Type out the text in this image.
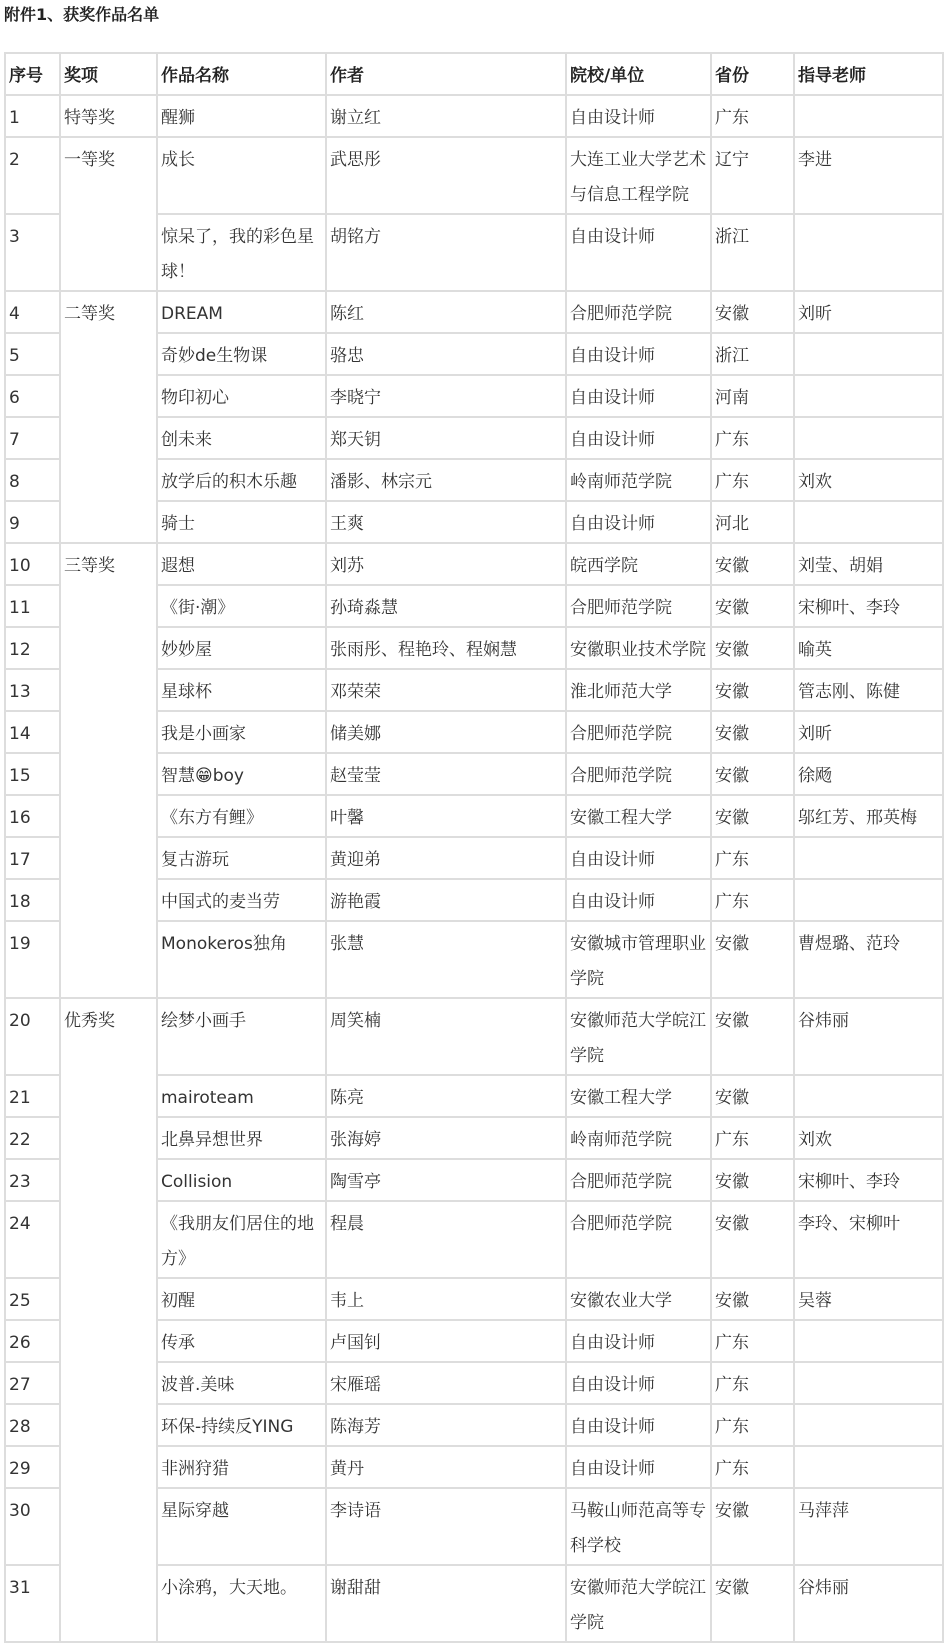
附件1、获奖作品名单
序号	奖项	作品名称	作者	院校/单位	省份	指导老师
1	特等奖	醒狮	谢立红	自由设计师	广东	
2	一等奖	成长	武思彤	大连工业大学艺术与信息工程学院	辽宁	李进
3		惊呆了，我的彩色星球！	胡铭方	自由设计师	浙江	
4	二等奖	DREAM	陈红	合肥师范学院	安徽	刘昕
5		奇妙de生物课	骆忠	自由设计师	浙江	
6		物印初心	李晓宁	自由设计师	河南	
7		创未来	郑天钥	自由设计师	广东	
8		放学后的积木乐趣	潘影、林宗元	岭南师范学院	广东	刘欢
9		骑士	王爽	自由设计师	河北	
10	三等奖	遐想	刘苏	皖西学院	安徽	刘莹、胡娟
11		《街·潮》	孙琦淼慧	合肥师范学院	安徽	宋柳叶、李玲
12		妙妙屋	张雨彤、程艳玲、程娴慧	安徽职业技术学院	安徽	喻英
13		星球杯	邓荣荣	淮北师范大学	安徽	管志刚、陈健
14		我是小画家	储美娜	合肥师范学院	安徽	刘昕
15		智慧😁boy	赵莹莹	合肥师范学院	安徽	徐飏
16		《东方有鲤》	叶馨	安徽工程大学	安徽	邬红芳、邢英梅
17		复古游玩	黄迎弟	自由设计师	广东	
18		中国式的麦当劳	游艳霞	自由设计师	广东	
19		Monokeros独角	张慧	安徽城市管理职业学院	安徽	曹煜璐、范玲
20	优秀奖	绘梦小画手	周笑楠	安徽师范大学皖江学院	安徽	谷炜丽
21		mairoteam	陈亮	安徽工程大学	安徽	
22		北鼻异想世界	张海婷	岭南师范学院	广东	刘欢
23		Collision	陶雪亭	合肥师范学院	安徽	宋柳叶、李玲
24		《我朋友们居住的地方》	程晨	合肥师范学院	安徽	李玲、宋柳叶
25		初醒	韦上	安徽农业大学	安徽	吴蓉
26		传承	卢国钊	自由设计师	广东	
27		波普.美味	宋雁瑶	自由设计师	广东	
28		环保-持续反YING	陈海芳	自由设计师	广东	
29		非洲狩猎	黄丹	自由设计师	广东	
30		星际穿越	李诗语	马鞍山师范高等专科学校	安徽	马萍萍
31		小涂鸦，大天地。	谢甜甜	安徽师范大学皖江学院	安徽	谷炜丽
